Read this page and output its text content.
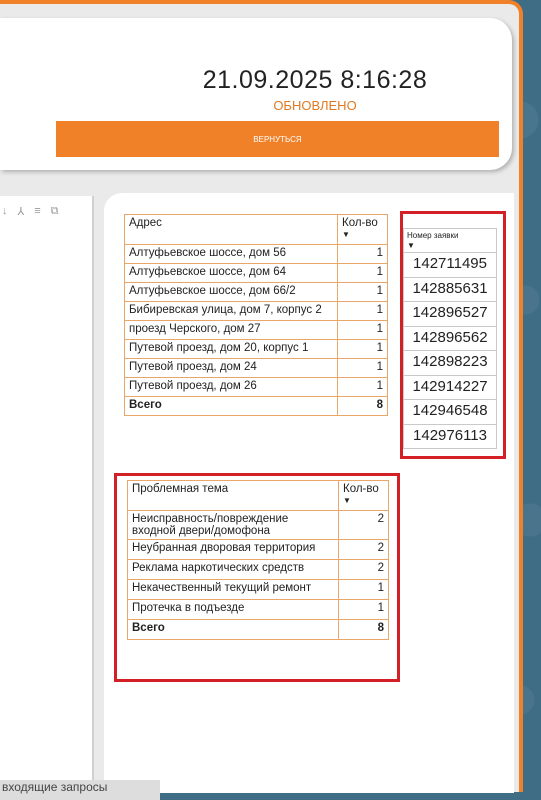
21.09.2025 8:16:28
ОБНОВЛЕНО
ВЕРНУТЬСЯ
↓ ⅄ ≡ ⧉
Адрес	Кол-во
▼

Алтуфьевское шоссе, дом 56	1
Алтуфьевское шоссе, дом 64	1
Алтуфьевское шоссе, дом 66/2	1
Бибиревская улица, дом 7, корпус 2	1
проезд Черского, дом 27	1
Путевой проезд, дом 20, корпус 1	1
Путевой проезд, дом 24	1
Путевой проезд, дом 26	1
Всего	8
Номер заявки
▼

142711495
142885631
142896527
142896562
142898223
142914227
142946548
142976113
Проблемная тема	Кол-во
▼

Неисправность/повреждение входной двери/домофона	2
Неубранная дворовая территория	2
Реклама наркотических средств	2
Некачественный текущий ремонт	1
Протечка в подъезде	1
Всего	8
входящие запросы
